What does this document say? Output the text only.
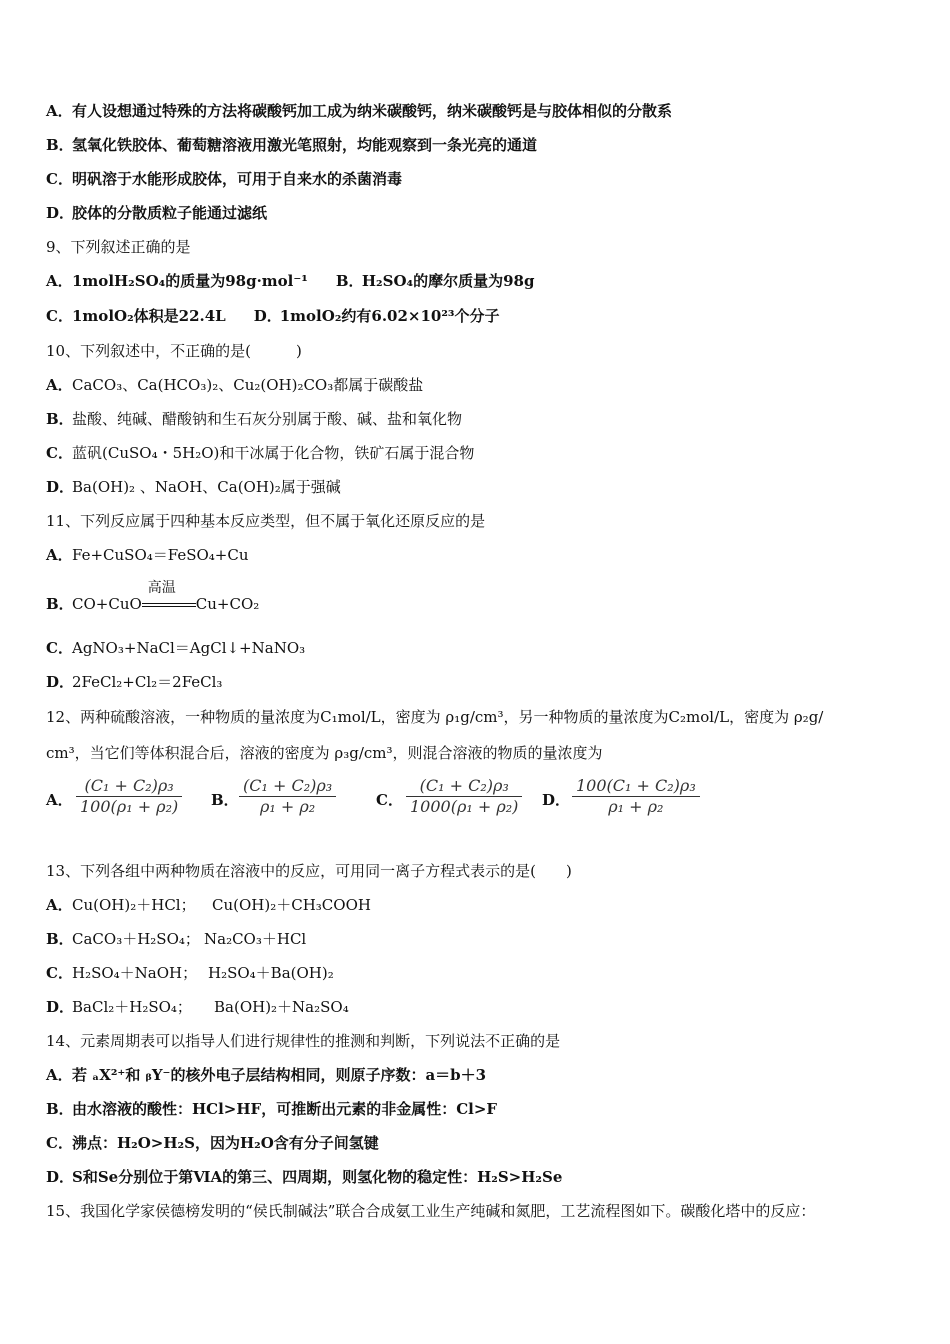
A．有人设想通过特殊的方法将碳酸钙加工成为纳米碳酸钙，纳米碳酸钙是与胶体相似的分散系
B．氢氧化铁胶体、葡萄糖溶液用激光笔照射，均能观察到一条光亮的通道
C．明矾溶于水能形成胶体，可用于自来水的杀菌消毒
D．胶体的分散质粒子能通过滤纸
9、下列叙述正确的是
A．1molH₂SO₄的质量为98g·mol⁻¹ B．H₂SO₄的摩尔质量为98g
C．1molO₂体积是22.4L D．1molO₂约有6.02×10²³个分子
10、下列叙述中，不正确的是(　　　)
A．CaCO₃、Ca(HCO₃)₂、Cu₂(OH)₂CO₃都属于碳酸盐
B．盐酸、纯碱、醋酸钠和生石灰分别属于酸、碱、盐和氧化物
C．蓝矾(CuSO₄・5H₂O)和干冰属于化合物，铁矿石属于混合物
D．Ba(OH)₂ 、NaOH、Ca(OH)₂属于强碱
11、下列反应属于四种基本反应类型，但不属于氧化还原反应的是
A．Fe+CuSO₄＝FeSO₄+Cu
B．CO+CuO
高温
Cu+CO₂
C．AgNO₃+NaCl＝AgCl↓+NaNO₃
D．2FeCl₂+Cl₂＝2FeCl₃
12、两种硫酸溶液，一种物质的量浓度为C₁mol/L，密度为 ρ₁g/cm³，另一种物质的量浓度为C₂mol/L，密度为 ρ₂g/
cm³，当它们等体积混合后，溶液的密度为 ρ₃g/cm³，则混合溶液的物质的量浓度为
A． $\frac{\text{(C₁ + C₂)ρ₃}}{\text{100(ρ₁ + ρ₂)}}$ B． $\frac{\text{(C₁ + C₂)ρ₃}}{\text{ρ₁ + ρ₂}}$	C． $\frac{\text{(C₁ + C₂)ρ₃}}{\text{1000(ρ₁ + ρ₂)}}$ D． $\frac{\text{100(C₁ + C₂)ρ₃}}{\text{ρ₁ + ρ₂}}$
13、下列各组中两种物质在溶液中的反应，可用同一离子方程式表示的是(　　)
A．Cu(OH)₂＋HCl； Cu(OH)₂＋CH₃COOH
B．CaCO₃＋H₂SO₄； Na₂CO₃＋HCl
C．H₂SO₄＋NaOH； H₂SO₄＋Ba(OH)₂
D．BaCl₂＋H₂SO₄； Ba(OH)₂＋Na₂SO₄
14、元素周期表可以指导人们进行规律性的推测和判断，下列说法不正确的是
A．若 ₐX²⁺和 ᵦY⁻的核外电子层结构相同，则原子序数：a＝b＋3
B．由水溶液的酸性：HCl>HF，可推断出元素的非金属性：Cl>F
C．沸点：H₂O>H₂S，因为H₂O含有分子间氢键
D．S和Se分别位于第ⅥA的第三、四周期，则氢化物的稳定性：H₂S>H₂Se
15、我国化学家侯德榜发明的“侯氏制碱法”联合合成氨工业生产纯碱和氮肥，工艺流程图如下。碳酸化塔中的反应：
